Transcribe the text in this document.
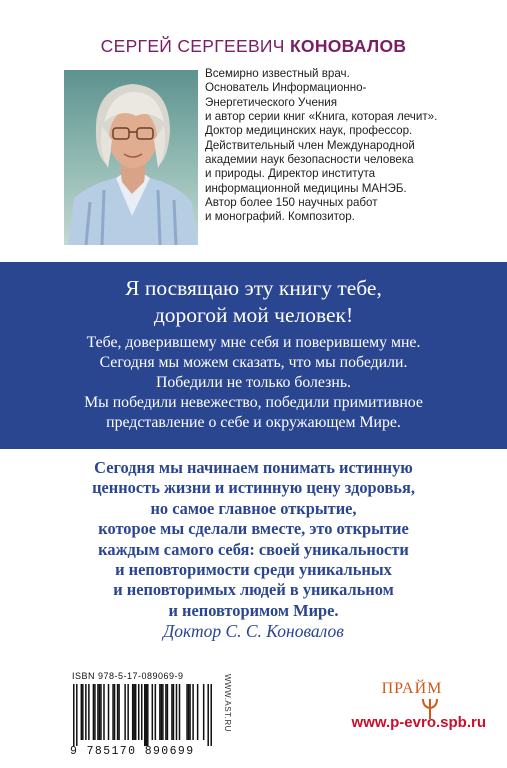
СЕРГЕЙ СЕРГЕЕВИЧ КОНОВАЛОВ
Всемирно известный врач.
Основатель Информационно-
Энергетического Учения
и автор серии книг «Книга, которая лечит».
Доктор медицинских наук, профессор.
Действительный член Международной
академии наук безопасности человека
и природы. Директор института
информационной медицины МАНЭБ.
Автор более 150 научных работ
и монографий. Композитор.
Я посвящаю эту книгу тебе,
дорогой мой человек!
Тебе, доверившему мне себя и поверившему мне.
Сегодня мы можем сказать, что мы победили.
Победили не только болезнь.
Мы победили невежество, победили примитивное
представление о себе и окружающем Мире.
Сегодня мы начинаем понимать истинную
ценность жизни и истинную цену здоровья,
но самое главное открытие,
которое мы сделали вместе, это открытие
каждым самого себя: своей уникальности
и неповторимости среди уникальных
и неповторимых людей в уникальном
и неповторимом Мире.
Доктор С. С. Коновалов
ISBN 978-5-17-089069-9
9 785170 890699
WWW.AST.RU	ПРАЙМ
www.p-evro.spb.ru
